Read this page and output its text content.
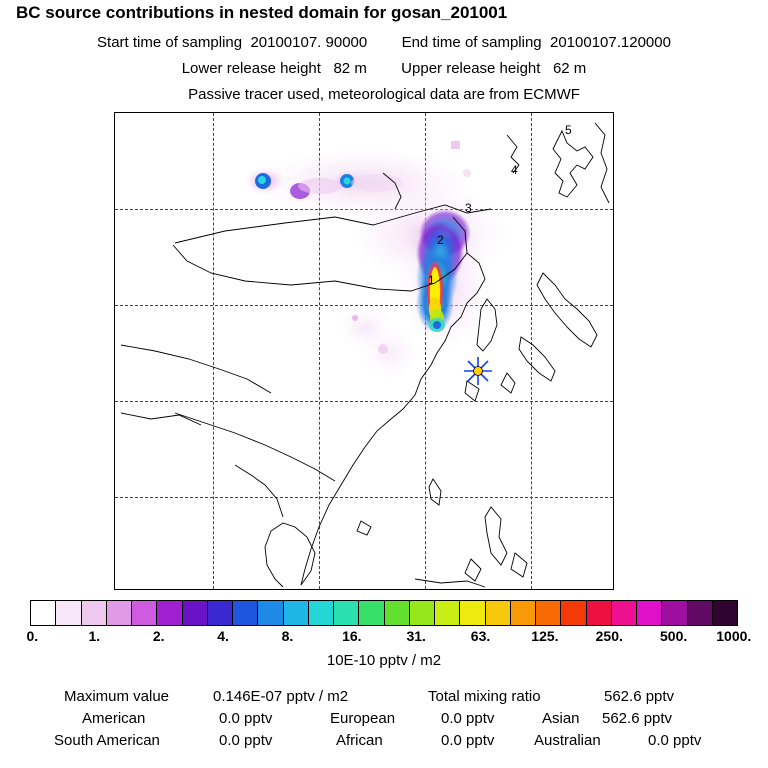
BC source contributions in nested domain for gosan_201001
Start time of sampling 20100107. 90000 End time of sampling 20100107.120000
Lower release height 82 m Upper release height 62 m
Passive tracer used, meteorological data are from ECMWF
1
2
3
4
5
0.	1.	2.	4.	8.	16.	31.	63.	125.	250.	500. 1000.
10E-10 pptv / m2
Maximum value	0.146E-07 pptv / m2	Total mixing ratio	562.6 pptv
American	0.0 pptv	European	0.0 pptv	Asian 562.6 pptv
South American	0.0 pptv	African	0.0 pptv	Australian	0.0 pptv
